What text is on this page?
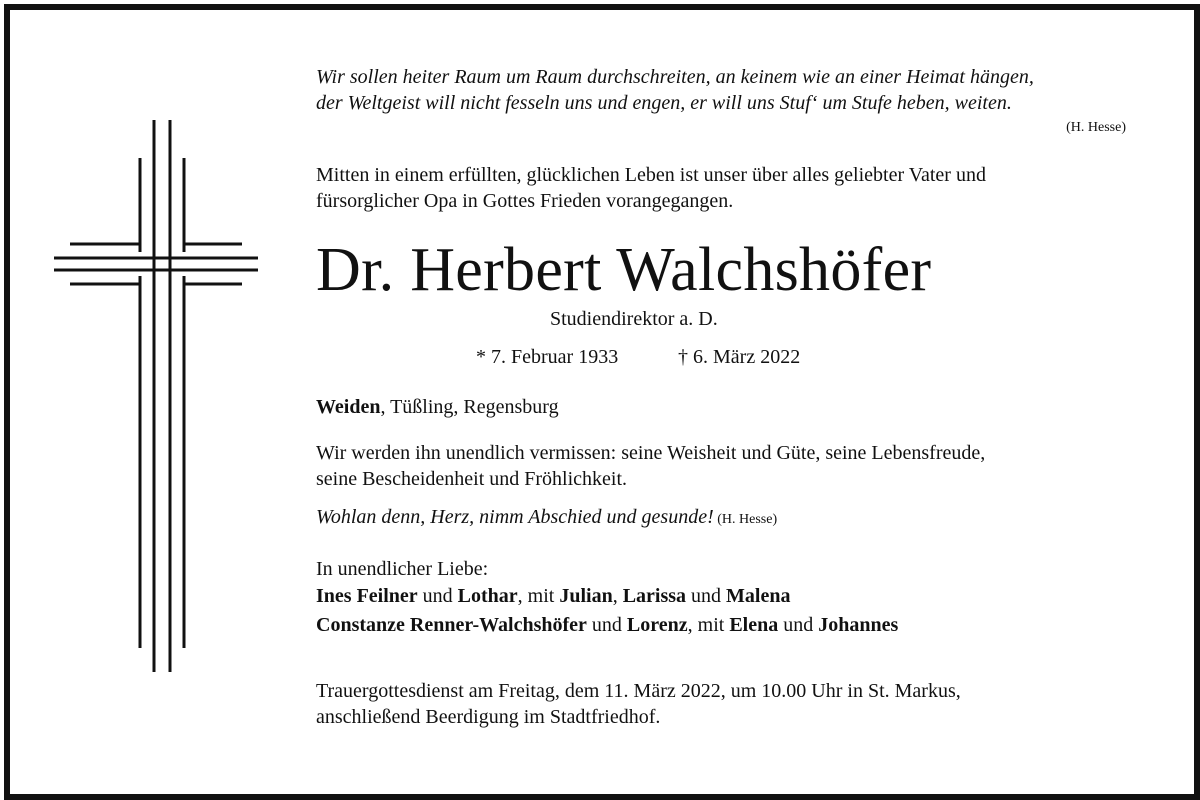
Wir sollen heiter Raum um Raum durchschreiten, an keinem wie an einer Heimat hängen,
der Weltgeist will nicht fesseln uns und engen, er will uns Stuf‘ um Stufe heben, weiten.
(H. Hesse)
Mitten in einem erfüllten, glücklichen Leben ist unser über alles geliebter Vater und
fürsorglicher Opa in Gottes Frieden vorangegangen.
Dr. Herbert Walchshöfer
Studiendirektor a. D.
* 7. Februar 1933	† 6. März 2022
Weiden, Tüßling, Regensburg
Wir werden ihn unendlich vermissen: seine Weisheit und Güte, seine Lebensfreude,
seine Bescheidenheit und Fröhlichkeit.
Wohlan denn, Herz, nimm Abschied und gesunde! (H. Hesse)
In unendlicher Liebe:
Ines Feilner und Lothar, mit Julian, Larissa und Malena
Constanze Renner-Walchshöfer und Lorenz, mit Elena und Johannes
Trauergottesdienst am Freitag, dem 11. März 2022, um 10.00 Uhr in St. Markus,
anschließend Beerdigung im Stadtfriedhof.
